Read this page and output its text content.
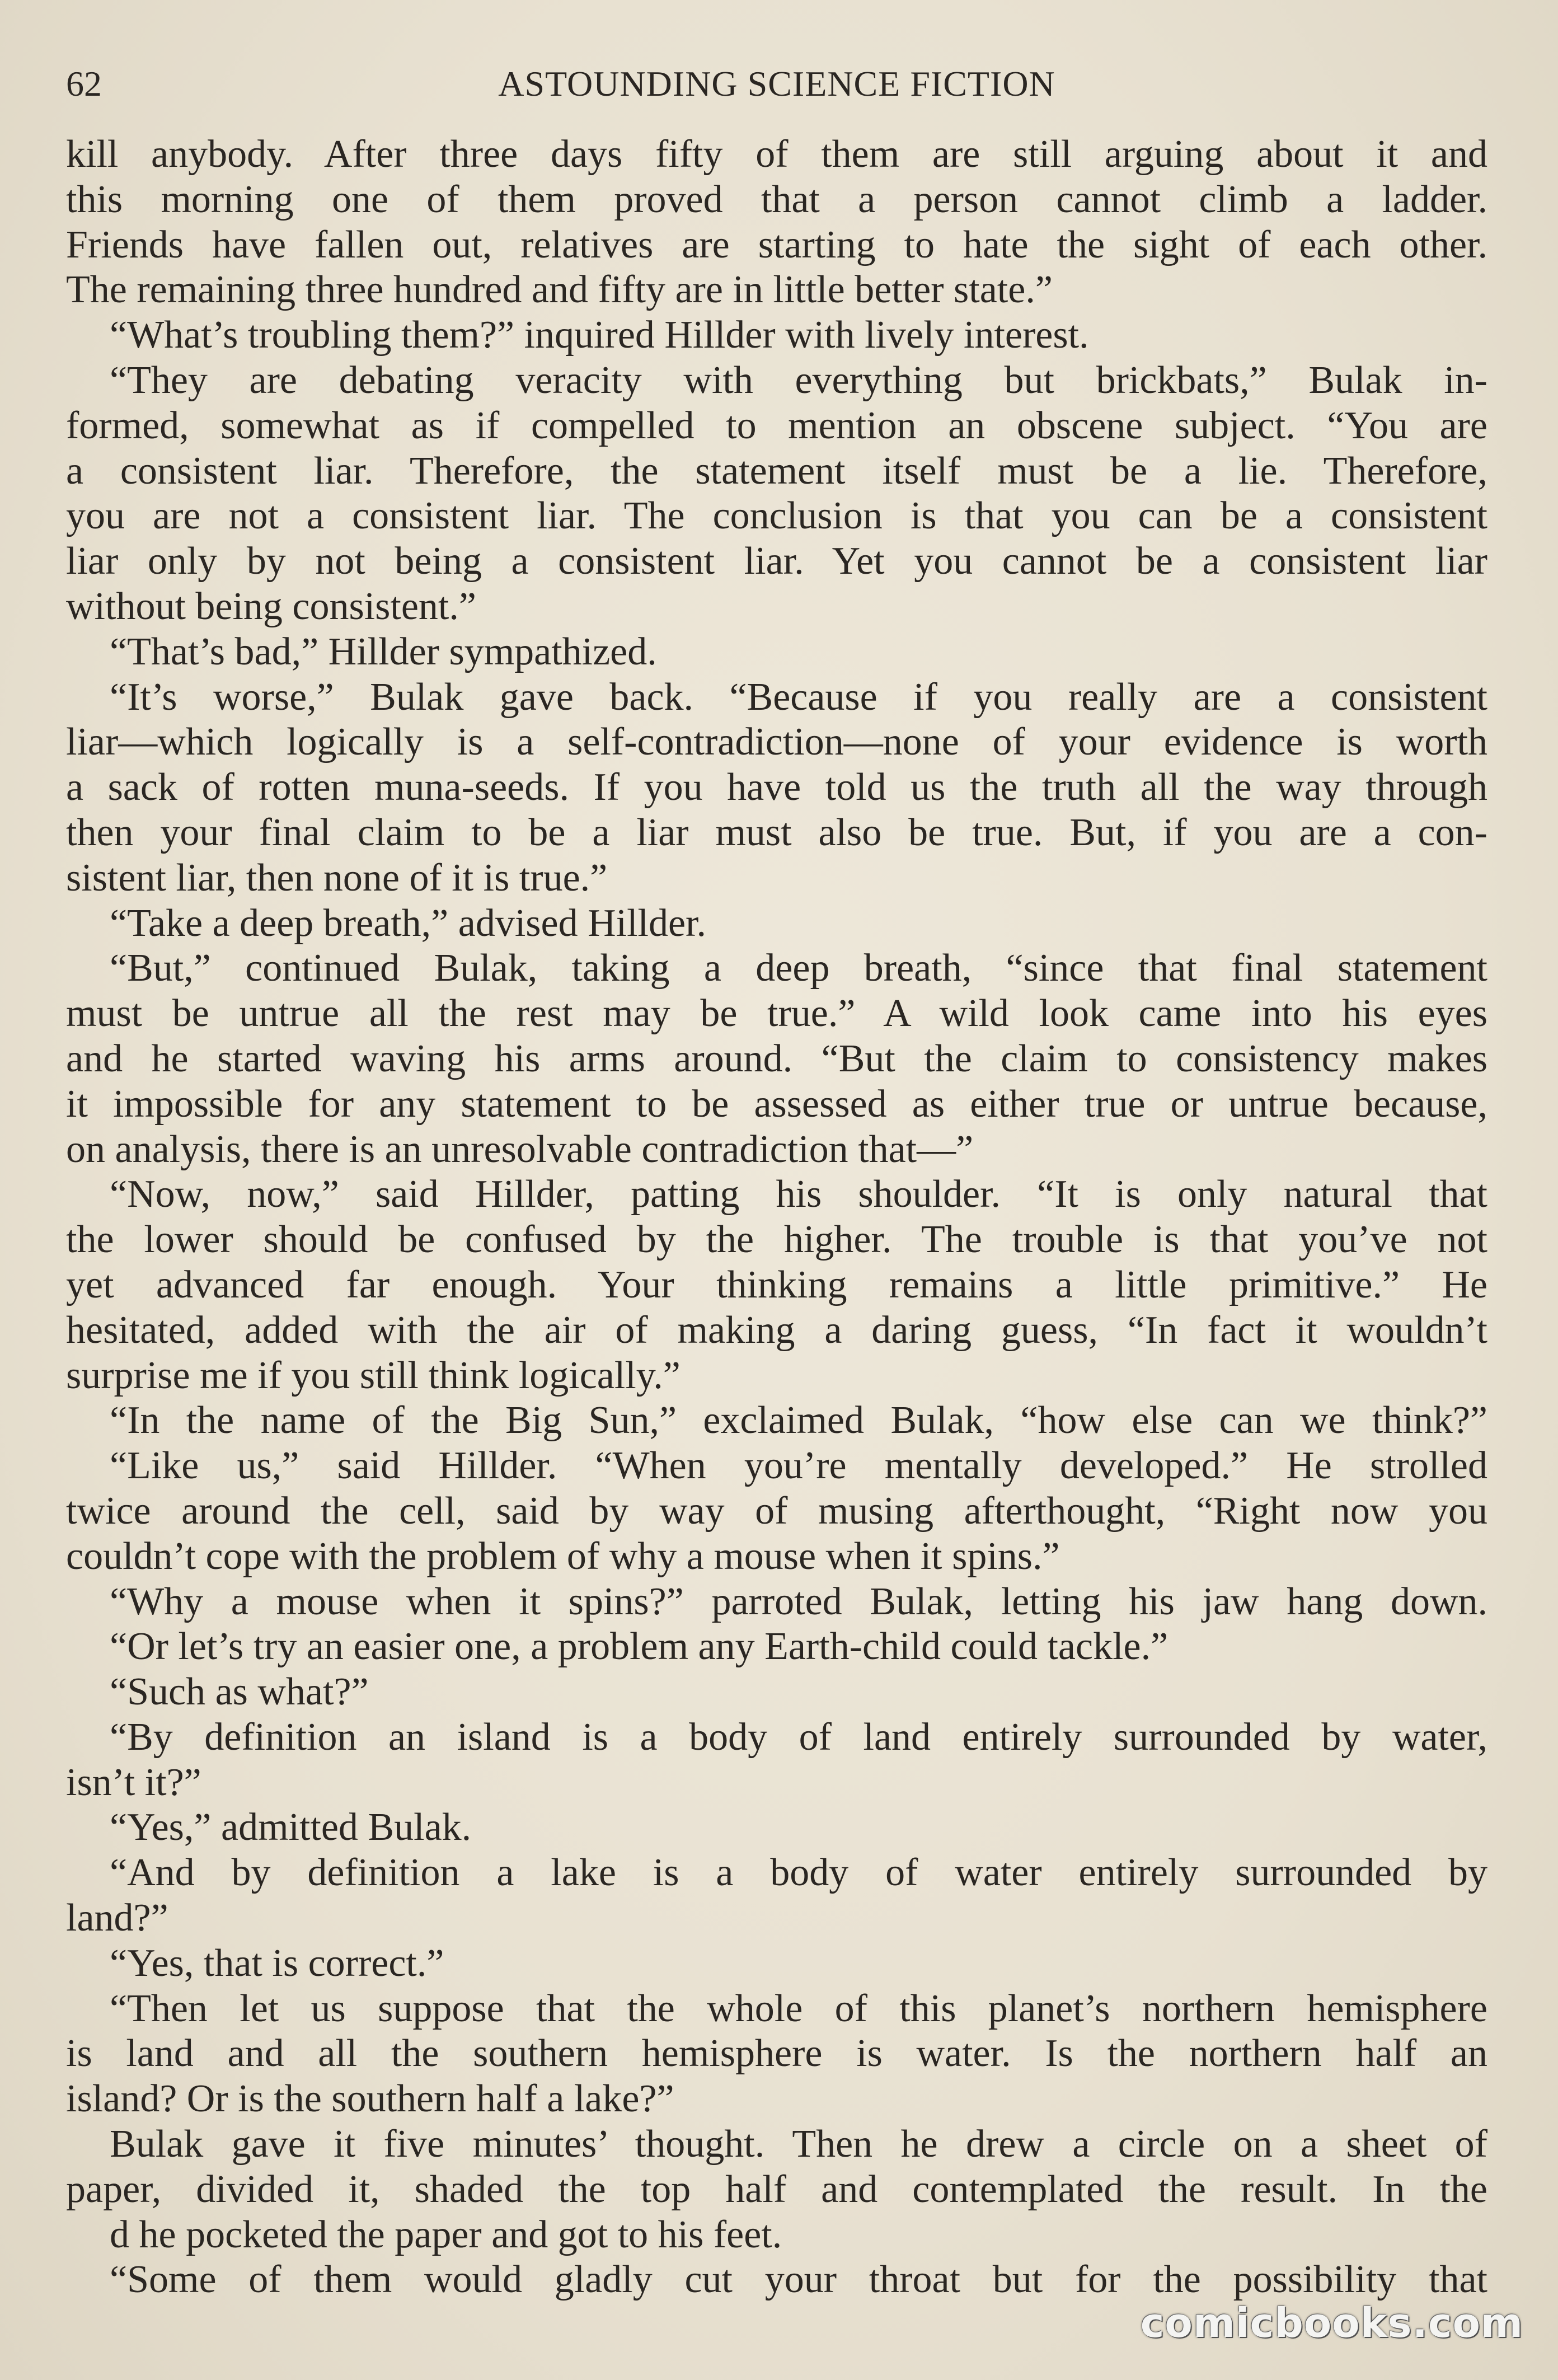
62	ASTOUNDING SCIENCE FICTION
kill anybody. After three days fifty of them are still arguing about it and
this morning one of them proved that a person cannot climb a ladder.
Friends have fallen out, relatives are starting to hate the sight of each other.
The remaining three hundred and fifty are in little better state.”
“What’s troubling them?” inquired Hillder with lively interest.
“They are debating veracity with everything but brickbats,” Bulak in-
formed, somewhat as if compelled to mention an obscene subject. “You are
a consistent liar. Therefore, the statement itself must be a lie. Therefore,
you are not a consistent liar. The conclusion is that you can be a consistent
liar only by not being a consistent liar. Yet you cannot be a consistent liar
without being consistent.”
“That’s bad,” Hillder sympathized.
“It’s worse,” Bulak gave back. “Because if you really are a consistent
liar—which logically is a self-contradiction—none of your evidence is worth
a sack of rotten muna-seeds. If you have told us the truth all the way through
then your final claim to be a liar must also be true. But, if you are a con-
sistent liar, then none of it is true.”
“Take a deep breath,” advised Hillder.
“But,” continued Bulak, taking a deep breath, “since that final statement
must be untrue all the rest may be true.” A wild look came into his eyes
and he started waving his arms around. “But the claim to consistency makes
it impossible for any statement to be assessed as either true or untrue because,
on analysis, there is an unresolvable contradiction that—”
“Now, now,” said Hillder, patting his shoulder. “It is only natural that
the lower should be confused by the higher. The trouble is that you’ve not
yet advanced far enough. Your thinking remains a little primitive.” He
hesitated, added with the air of making a daring guess, “In fact it wouldn’t
surprise me if you still think logically.”
“In the name of the Big Sun,” exclaimed Bulak, “how else can we think?”
“Like us,” said Hillder. “When you’re mentally developed.” He strolled
twice around the cell, said by way of musing afterthought, “Right now you
couldn’t cope with the problem of why a mouse when it spins.”
“Why a mouse when it spins?” parroted Bulak, letting his jaw hang down.
“Or let’s try an easier one, a problem any Earth-child could tackle.”
“Such as what?”
“By definition an island is a body of land entirely surrounded by water,
isn’t it?”
“Yes,” admitted Bulak.
“And by definition a lake is a body of water entirely surrounded by
land?”
“Yes, that is correct.”
“Then let us suppose that the whole of this planet’s northern hemisphere
is land and all the southern hemisphere is water. Is the northern half an
island? Or is the southern half a lake?”
Bulak gave it five minutes’ thought. Then he drew a circle on a sheet of
paper, divided it, shaded the top half and contemplated the result. In the
d he pocketed the paper and got to his feet.
“Some of them would gladly cut your throat but for the possibility that
comicbooks.com
